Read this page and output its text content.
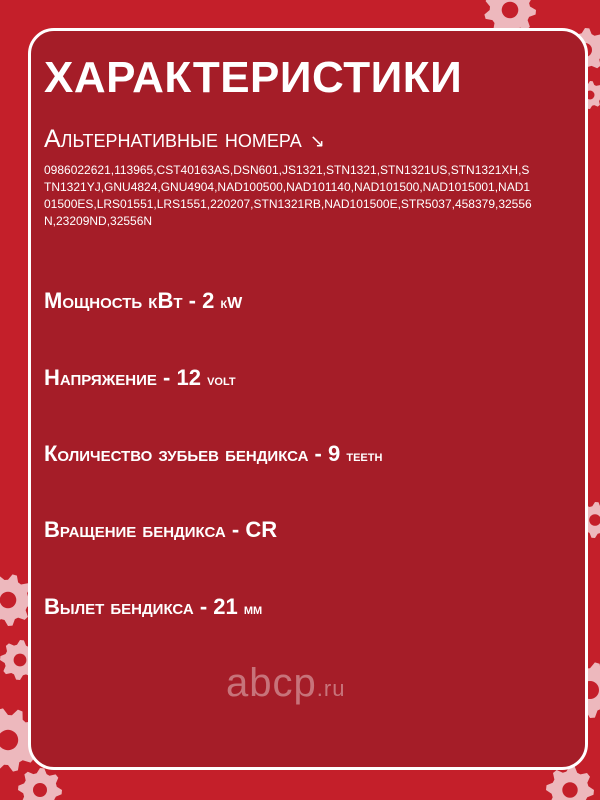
ХАРАКТЕРИСТИКИ
Альтернативные номера ↘
0986022621,113965,CST40163AS,DSN601,JS1321,STN1321,STN1321US,STN1321XH,STN1321YJ,GNU4824,GNU4904,NAD100500,NAD101140,NAD101500,NAD1015001,NAD101500ES,LRS01551,LRS1551,220207,STN1321RB,NAD101500E,STR5037,458379,32556N,23209ND,32556N
Мощность кВт - 2 кW
Напряжение - 12 volt
Количество зубьев бендикса - 9 teeth
Вращение бендикса - CR
Вылет бендикса - 21 мм
abcp.ru
